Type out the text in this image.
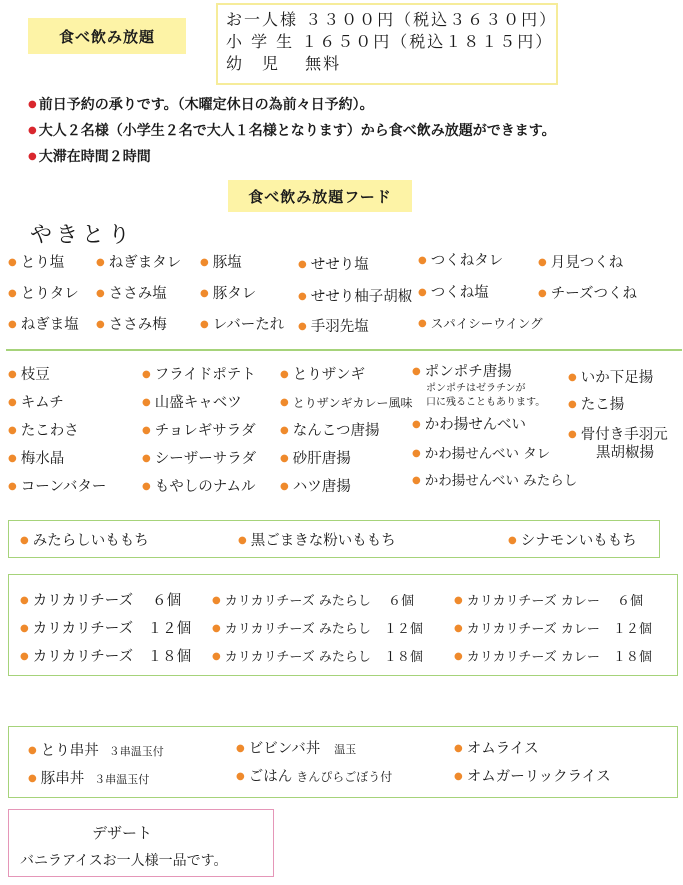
食べ飲み放題
お一人様 ３３００円（税込３６３０円）
小 学 生 １６５０円（税込１８１５円）
幼　児　 無料
● 前日予約の承りです。（木曜定休日の為前々日予約）。
● 大人２名様（小学生２名で大人１名様となります）から食べ飲み放題ができます。
● 大滞在時間２時間
食べ飲み放題フード
やきとり
● とり塩	● ねぎまタレ ● 豚塩	● せせり塩	● つくねタレ	● 月見つくね
● とりタレ ● ささみ塩	● 豚タレ	● せせり柚子胡椒 ● つくね塩	● チーズつくね
● ねぎま塩 ● ささみ梅	● レバーたれ ● 手羽先塩	● スパイシーウイング
● 枝豆
● キムチ
● たこわさ
● 梅水晶
● コーンバター
● フライドポテト
● 山盛キャベツ
● チョレギサラダ
● シーザーサラダ
● もやしのナムル
● とりザンギ
● とりザンギカレー風味
● なんこつ唐揚
● 砂肝唐揚
● ハツ唐揚
● ポンポチ唐揚
ポンポチはゼラチンが
口に残ることもあります。
● かわ揚せんべい
● かわ揚せんべい タレ
● かわ揚せんべい みたらし
● いか下足揚
● たこ揚
● 骨付き手羽元
黒胡椒揚
● みたらしいももち	● 黒ごまきな粉いももち	● シナモンいももち
● カリカリチーズ　 ６個
● カリカリチーズ　１２個
● カリカリチーズ　１８個
● カリカリチーズ みたらし　 ６個
● カリカリチーズ みたらし　１２個
● カリカリチーズ みたらし　１８個
● カリカリチーズ カレー　 ６個
● カリカリチーズ カレー　１２個
● カリカリチーズ カレー　１８個
● とり串丼 ３串温玉付
● 豚串丼 ３串温玉付
● ビビンバ丼 温玉
● ごはん きんぴらごぼう付
● オムライス
● オムガーリックライス
デザート
バニラアイスお一人様一品です。
